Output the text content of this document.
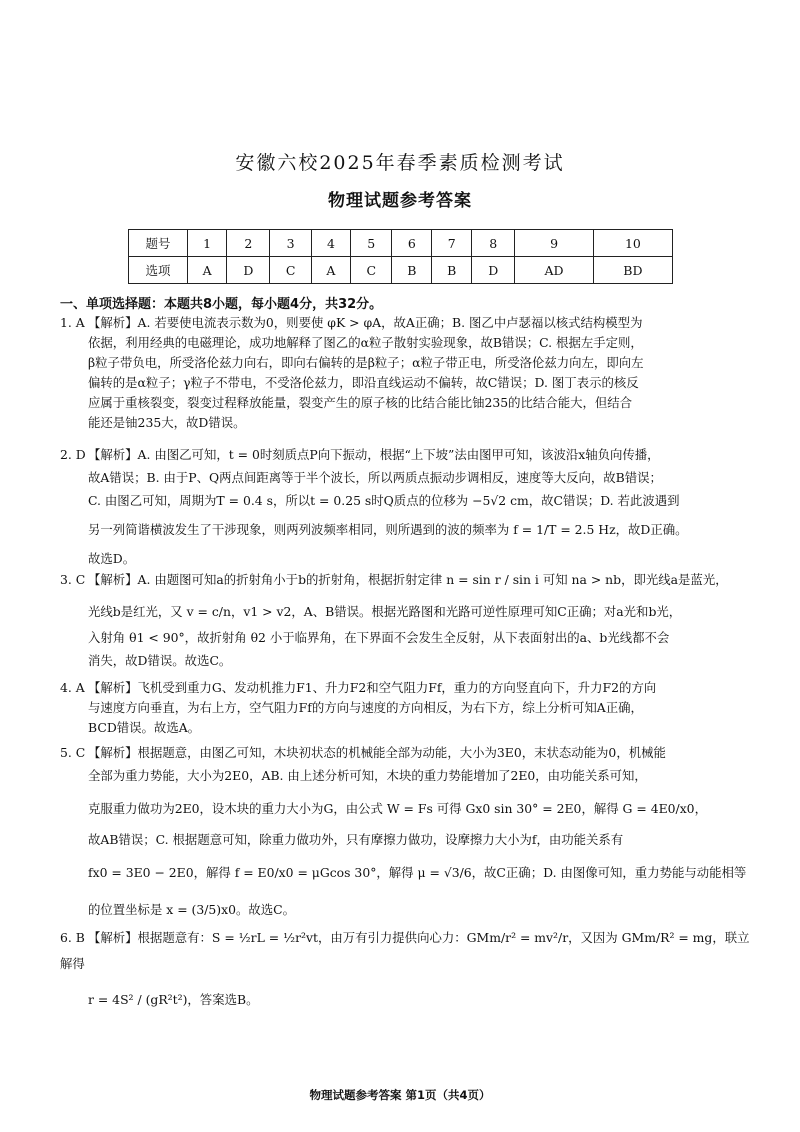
安徽六校2025年春季素质检测考试
物理试题参考答案
题号	1	2	3	4	5	6	7	8	9	10
选项	A	D	C	A	C	B	B	D	AD	BD
一、单项选择题：本题共8小题，每小题4分，共32分。

1. A 【解析】A. 若要使电流表示数为0，则要使 φK > φA，故A正确；B. 图乙中卢瑟福以核式结构模型为

依据，利用经典的电磁理论，成功地解释了图乙的α粒子散射实验现象，故B错误；C. 根据左手定则，

β粒子带负电，所受洛伦兹力向右，即向右偏转的是β粒子；α粒子带正电，所受洛伦兹力向左，即向左

偏转的是α粒子；γ粒子不带电，不受洛伦兹力，即沿直线运动不偏转，故C错误；D. 图丁表示的核反

应属于重核裂变，裂变过程释放能量，裂变产生的原子核的比结合能比铀235的比结合能大，但结合

能还是铀235大，故D错误。

2. D 【解析】A. 由图乙可知，t = 0时刻质点P向下振动，根据“上下坡”法由图甲可知，该波沿x轴负向传播，

故A错误；B. 由于P、Q两点间距离等于半个波长，所以两质点振动步调相反，速度等大反向，故B错误；

C. 由图乙可知，周期为T = 0.4 s，所以t = 0.25 s时Q质点的位移为 −5√2 cm，故C错误；D. 若此波遇到

另一列简谐横波发生了干涉现象，则两列波频率相同，则所遇到的波的频率为 f = 1/T = 2.5 Hz，故D正确。

故选D。

3. C 【解析】A. 由题图可知a的折射角小于b的折射角，根据折射定律 n = sin r / sin i 可知 na > nb，即光线a是蓝光，

光线b是红光，又 v = c/n，v1 > v2，A、B错误。根据光路图和光路可逆性原理可知C正确；对a光和b光，

入射角 θ1 < 90°，故折射角 θ2 小于临界角，在下界面不会发生全反射，从下表面射出的a、b光线都不会

消失，故D错误。故选C。

4. A 【解析】飞机受到重力G、发动机推力F1、升力F2和空气阻力Ff，重力的方向竖直向下，升力F2的方向

与速度方向垂直，为右上方，空气阻力Ff的方向与速度的方向相反，为右下方，综上分析可知A正确，

BCD错误。故选A。

5. C 【解析】根据题意，由图乙可知，木块初状态的机械能全部为动能，大小为3E0，末状态动能为0，机械能

全部为重力势能，大小为2E0，AB. 由上述分析可知，木块的重力势能增加了2E0，由功能关系可知，

克服重力做功为2E0，设木块的重力大小为G，由公式 W = Fs 可得 Gx0 sin 30° = 2E0，解得 G = 4E0/x0，

故AB错误；C. 根据题意可知，除重力做功外，只有摩擦力做功，设摩擦力大小为f，由功能关系有

fx0 = 3E0 − 2E0，解得 f = E0/x0 = μGcos 30°，解得 μ = √3/6，故C正确；D. 由图像可知，重力势能与动能相等

的位置坐标是 x = (3/5)x0。故选C。

6. B 【解析】根据题意有：S = ½rL = ½r²vt，由万有引力提供向心力：GMm/r² = mv²/r，又因为 GMm/R² = mg，联立解得

r = 4S² / (gR²t²)，答案选B。

物理试题参考答案 第1页（共4页）
